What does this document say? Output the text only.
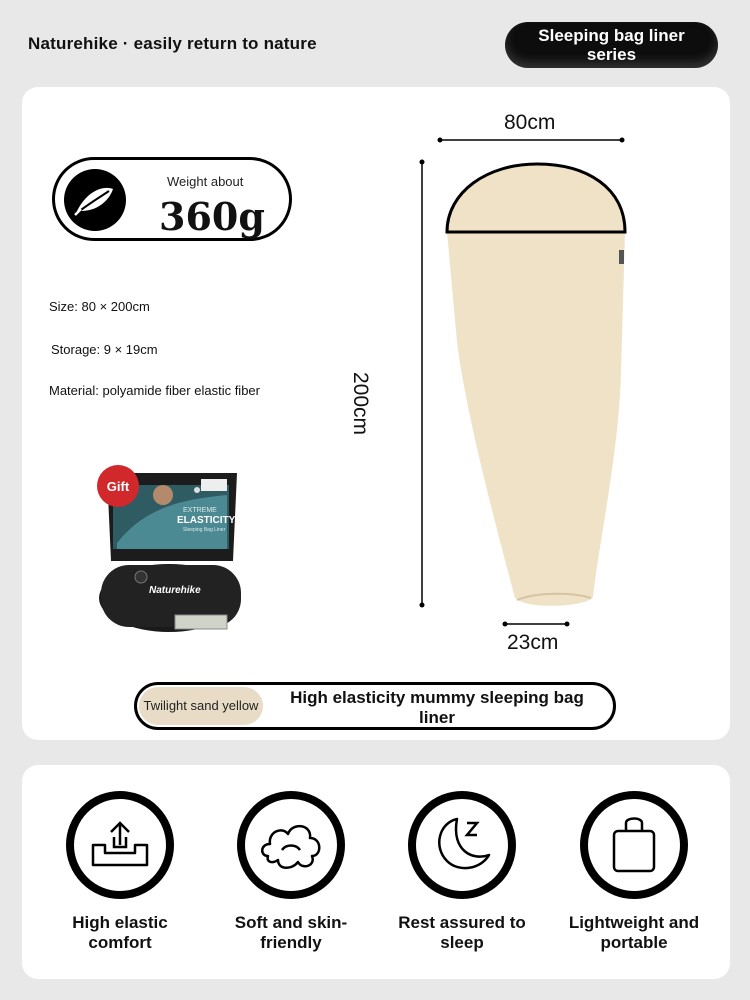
Naturehike · easily return to nature	Sleeping bag liner series
Weight about
360g
Size: 80 × 200cm
Storage: 9 × 19cm
Material: polyamide fiber elastic fiber
Gift
EXTREME
ELASTICITY
Sleeping Bag Liner
Naturehike
80cm
200cm
23cm
Twilight sand yellow High elasticity mummy sleeping bag liner
High elastic comfort
Soft and skin-friendly
Rest assured to sleep
Lightweight and portable
